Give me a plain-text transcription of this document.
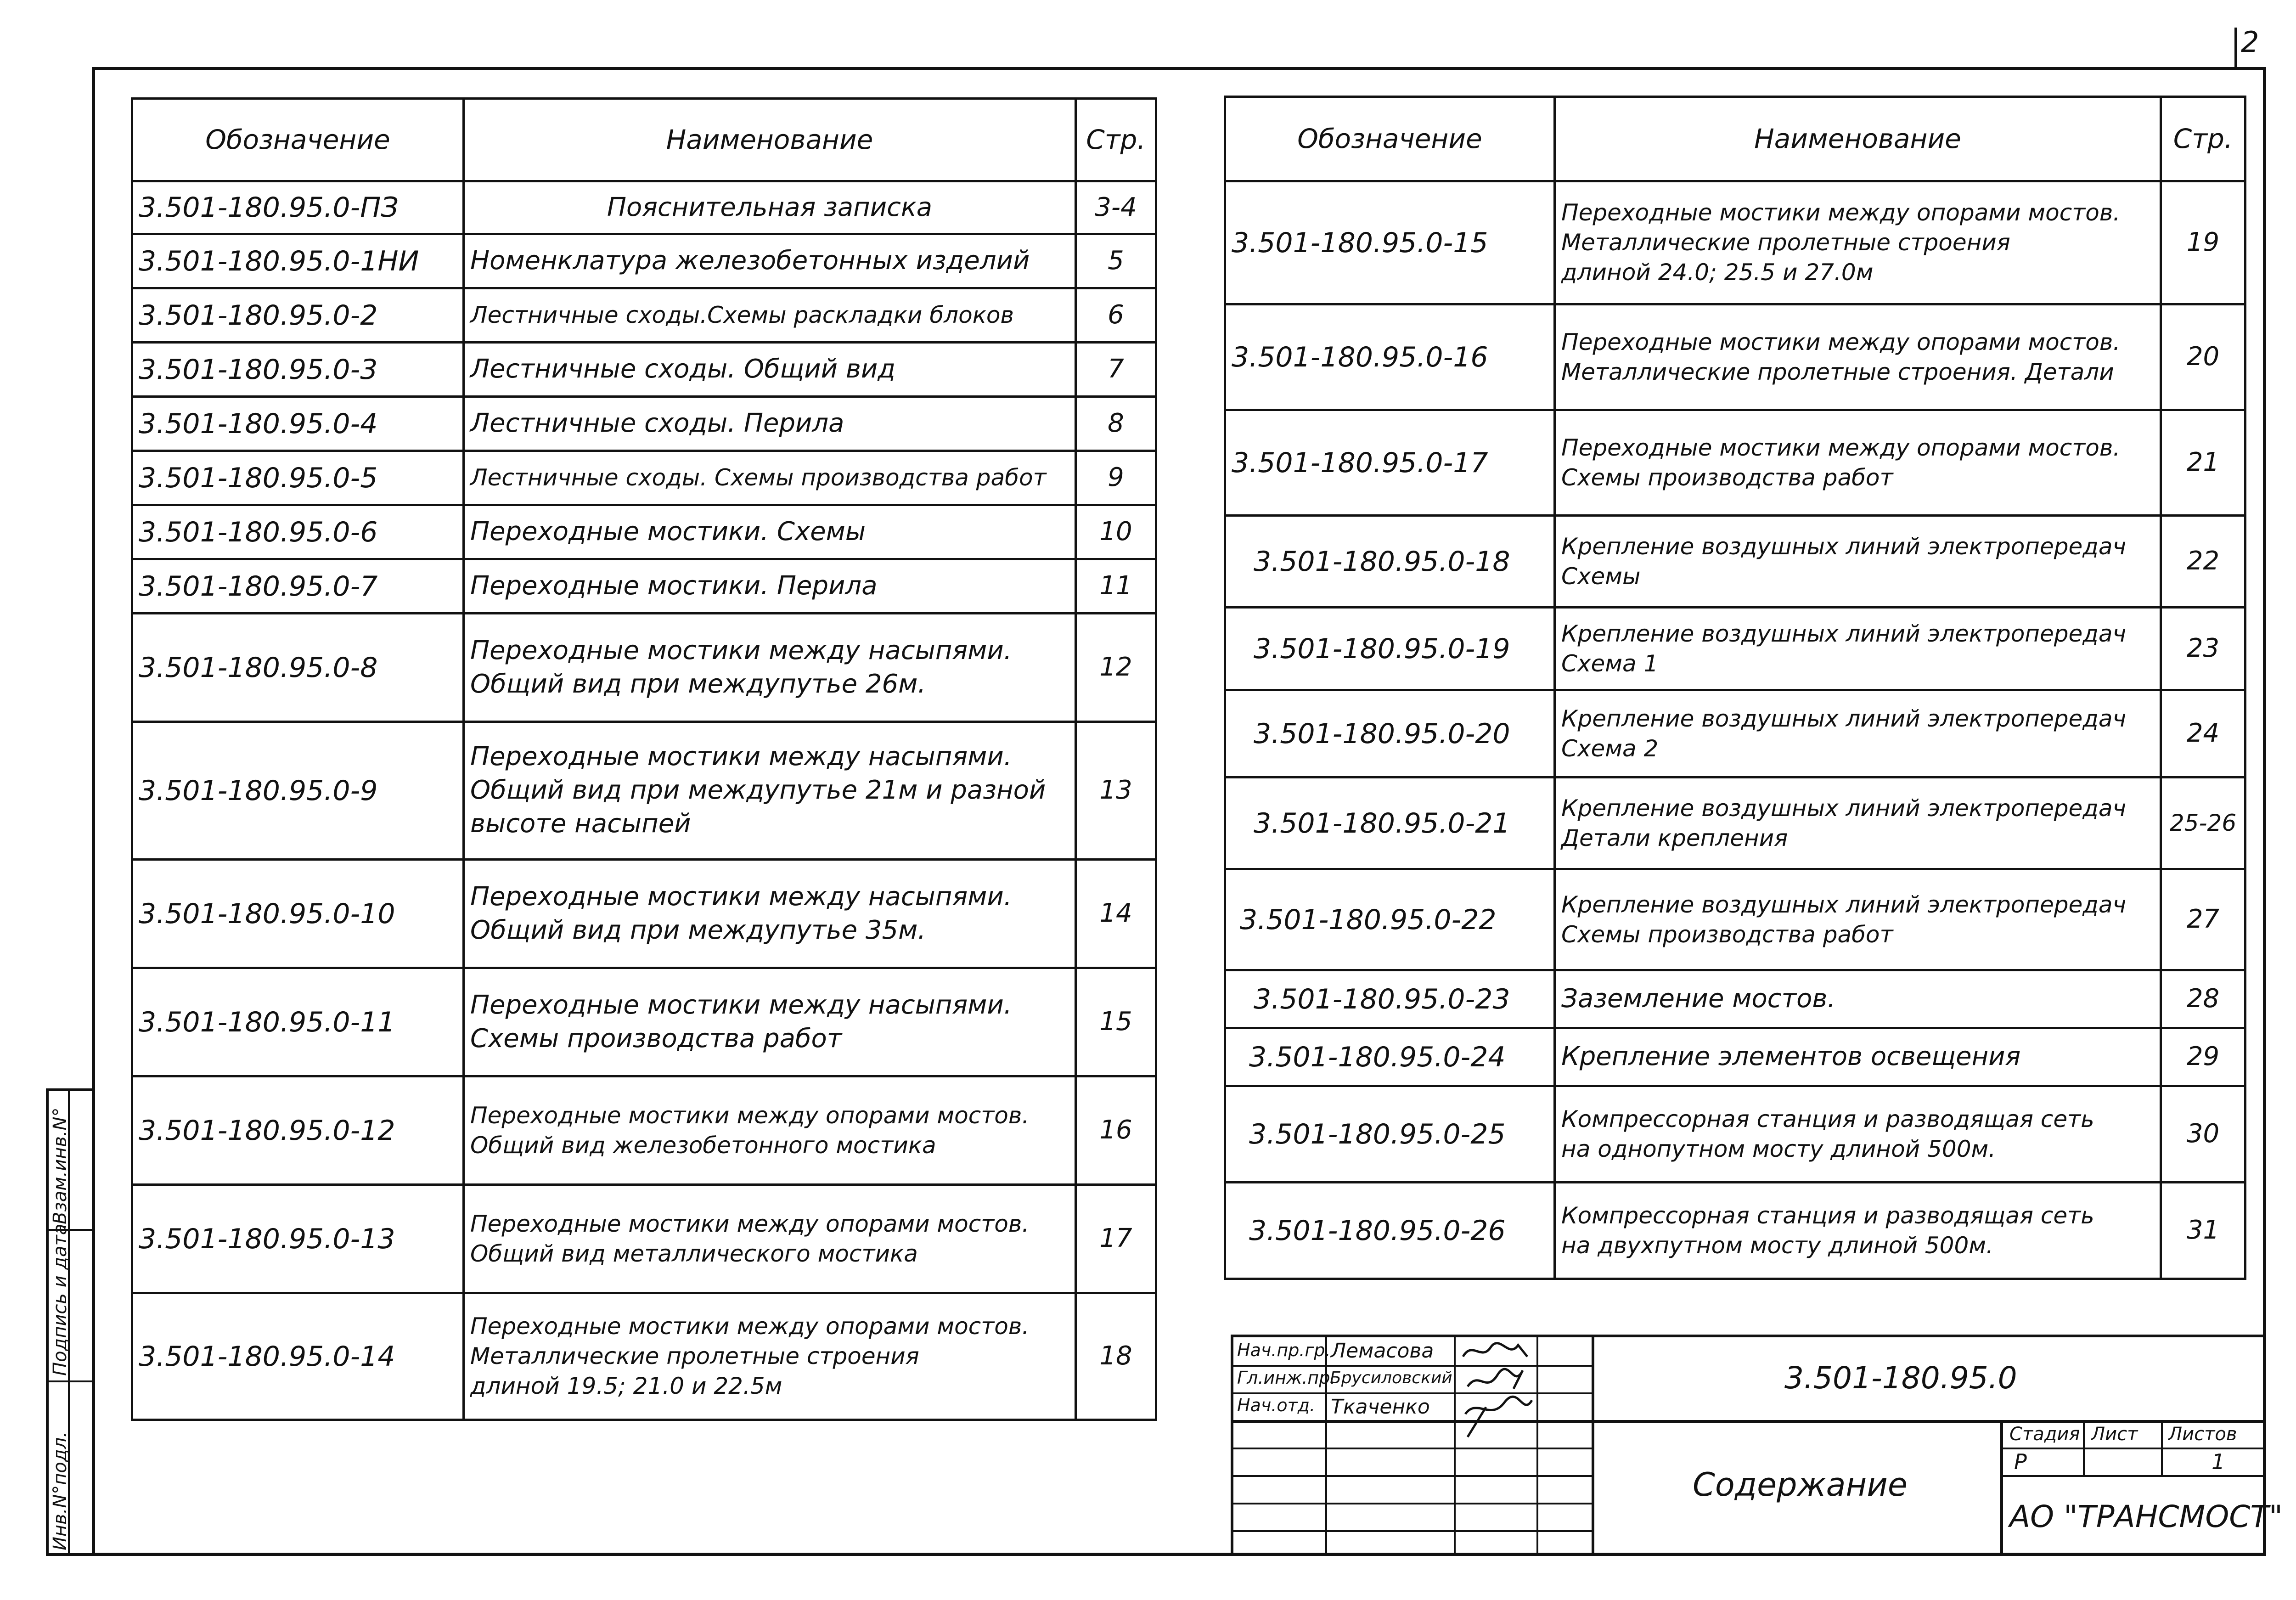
2
Инв.N°подл.
Подпись и дата
Взам.инв.N°
Обозначение	Наименование	Стр.
3.501-180.95.0-ПЗ	Пояснительная записка	3-4
3.501-180.95.0-1НИ	Номенклатура железобетонных изделий	5
3.501-180.95.0-2	Лестничные сходы.Схемы раскладки блоков	6
3.501-180.95.0-3	Лестничные сходы. Общий вид	7
3.501-180.95.0-4	Лестничные сходы. Перила	8
3.501-180.95.0-5	Лестничные сходы. Схемы производства работ	9
3.501-180.95.0-6	Переходные мостики. Схемы	10
3.501-180.95.0-7	Переходные мостики. Перила	11
3.501-180.95.0-8	Переходные мостики между насыпями.
Общий вид при междупутье 26м.	12
3.501-180.95.0-9	Переходные мостики между насыпями.
Общий вид при междупутье 21м и разной
высоте насыпей	13
3.501-180.95.0-10	Переходные мостики между насыпями.
Общий вид при междупутье 35м.	14
3.501-180.95.0-11	Переходные мостики между насыпями.
Схемы производства работ	15
3.501-180.95.0-12	Переходные мостики между опорами мостов.
Общий вид железобетонного мостика	16
3.501-180.95.0-13	Переходные мостики между опорами мостов.
Общий вид металлического мостика	17
3.501-180.95.0-14	Переходные мостики между опорами мостов.
Металлические пролетные строения
длиной 19.5; 21.0 и 22.5м	18
Обозначение	Наименование	Стр.
3.501-180.95.0-15	Переходные мостики между опорами мостов.
Металлические пролетные строения
длиной 24.0; 25.5 и 27.0м	19
3.501-180.95.0-16	Переходные мостики между опорами мостов.
Металлические пролетные строения. Детали	20
3.501-180.95.0-17	Переходные мостики между опорами мостов.
Схемы производства работ	21
3.501-180.95.0-18	Крепление воздушных линий электропередач
Схемы	22
3.501-180.95.0-19	Крепление воздушных линий электропередач
Схема 1	23
3.501-180.95.0-20	Крепление воздушных линий электропередач
Схема 2	24
3.501-180.95.0-21	Крепление воздушных линий электропередач
Детали крепления	25-26
3.501-180.95.0-22	Крепление воздушных линий электропередач
Схемы производства работ	27
3.501-180.95.0-23	Заземление мостов.	28
3.501-180.95.0-24	Крепление элементов освещения	29
3.501-180.95.0-25	Компрессорная станция и разводящая сеть
на однопутном мосту длиной 500м.	30
3.501-180.95.0-26	Компрессорная станция и разводящая сеть
на двухпутном мосту длиной 500м.	31
Нач.пр.гр.
Гл.инж.пр.
Нач.отд.
Лемасова
Брусиловский
Ткаченко
3.501-180.95.0
Содержание
Стадия Лист Листов
Р	1
АО "ТРАНСМОСТ"
